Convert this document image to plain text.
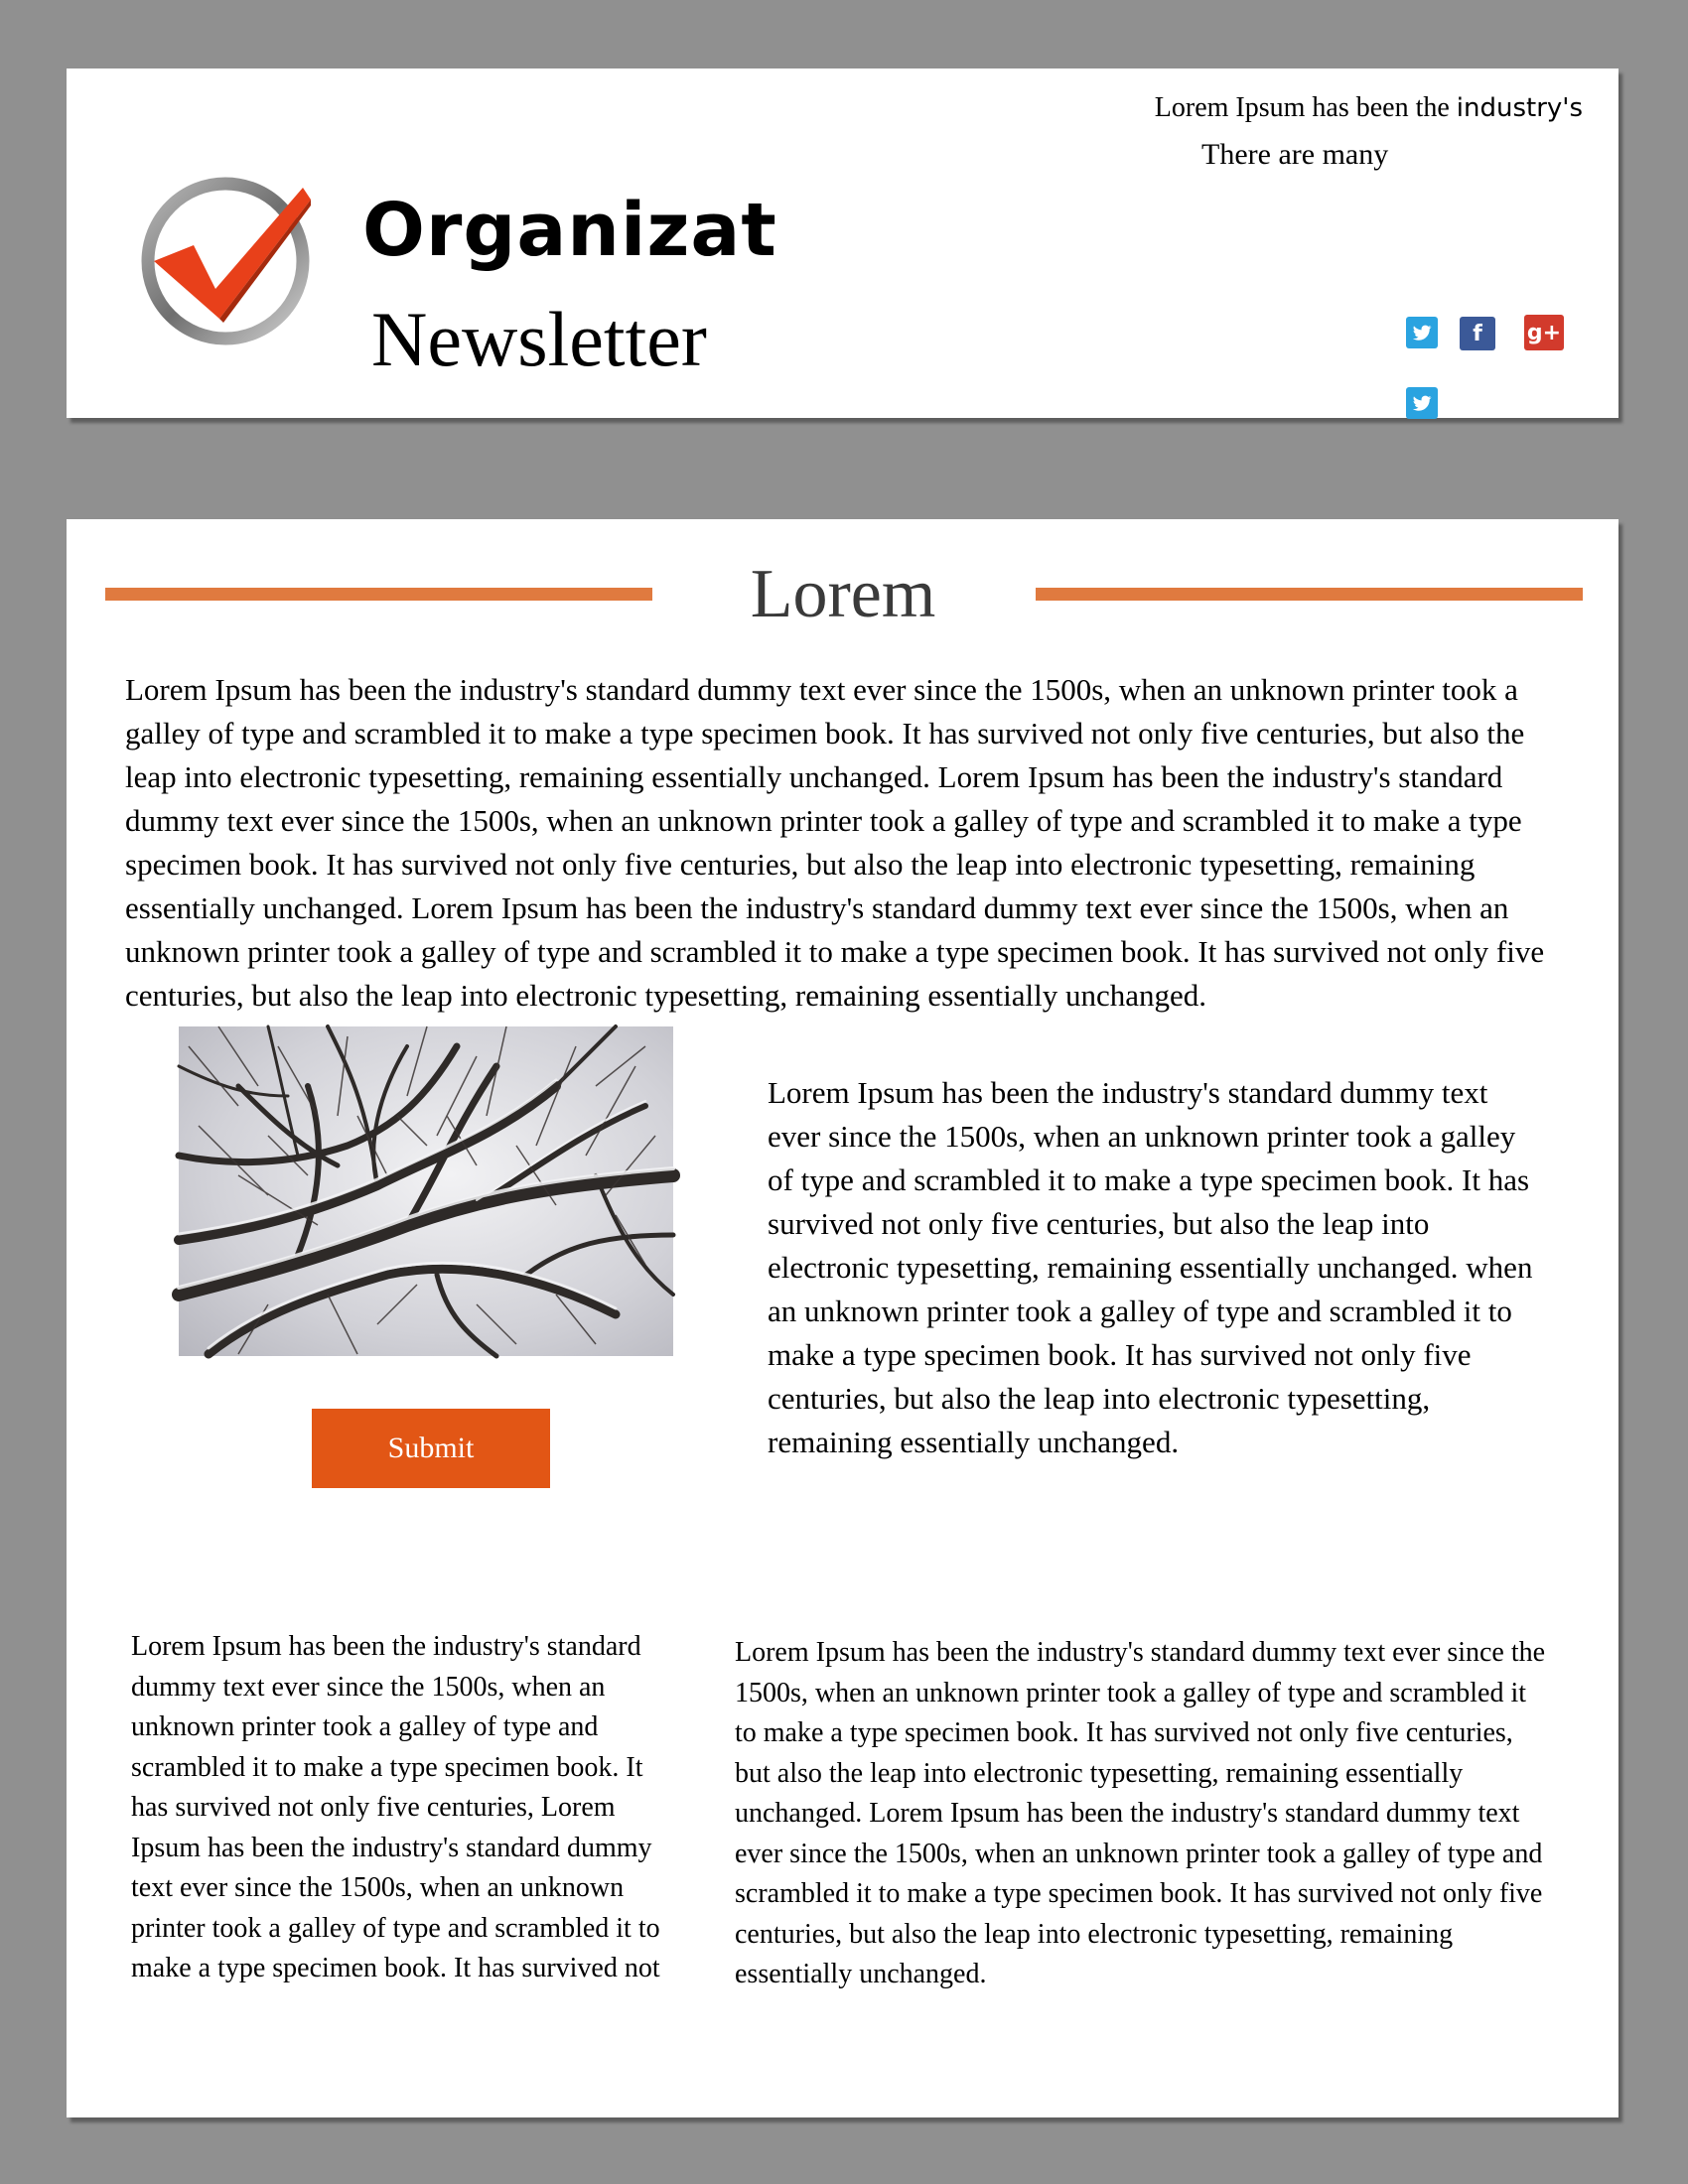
Organizat
Newsletter
Lorem Ipsum has been the industry's
There are many
f g+
Lorem
Lorem Ipsum has been the industry's standard dummy text ever since the 1500s, when an unknown printer took a galley of type and scrambled it to make a type specimen book. It has survived not only five centuries, but also the leap into electronic typesetting, remaining essentially unchanged. Lorem Ipsum has been the industry's standard dummy text ever since the 1500s, when an unknown printer took a galley of type and scrambled it to make a type specimen book. It has survived not only five centuries, but also the leap into electronic typesetting, remaining essentially unchanged. Lorem Ipsum has been the industry's standard dummy text ever since the 1500s, when an unknown printer took a galley of type and scrambled it to make a type specimen book. It has survived not only five centuries, but also the leap into electronic typesetting, remaining essentially unchanged.
Submit
Lorem Ipsum has been the industry's standard dummy text ever since the 1500s, when an unknown printer took a galley of type and scrambled it to make a type specimen book. It has survived not only five centuries, but also the leap into electronic typesetting, remaining essentially unchanged. when an unknown printer took a galley of type and scrambled it to make a type specimen book. It has survived not only five centuries, but also the leap into electronic typesetting, remaining essentially unchanged.
Lorem Ipsum has been the industry's standard dummy text ever since the 1500s, when an unknown printer took a galley of type and scrambled it to make a type specimen book. It has survived not only five centuries, Lorem Ipsum has been the industry's standard dummy text ever since the 1500s, when an unknown printer took a galley of type and scrambled it to make a type specimen book. It has survived not
Lorem Ipsum has been the industry's standard dummy text ever since the 1500s, when an unknown printer took a galley of type and scrambled it to make a type specimen book. It has survived not only five centuries, but also the leap into electronic typesetting, remaining essentially unchanged. Lorem Ipsum has been the industry's standard dummy text ever since the 1500s, when an unknown printer took a galley of type and scrambled it to make a type specimen book. It has survived not only five centuries, but also the leap into electronic typesetting, remaining essentially unchanged.
